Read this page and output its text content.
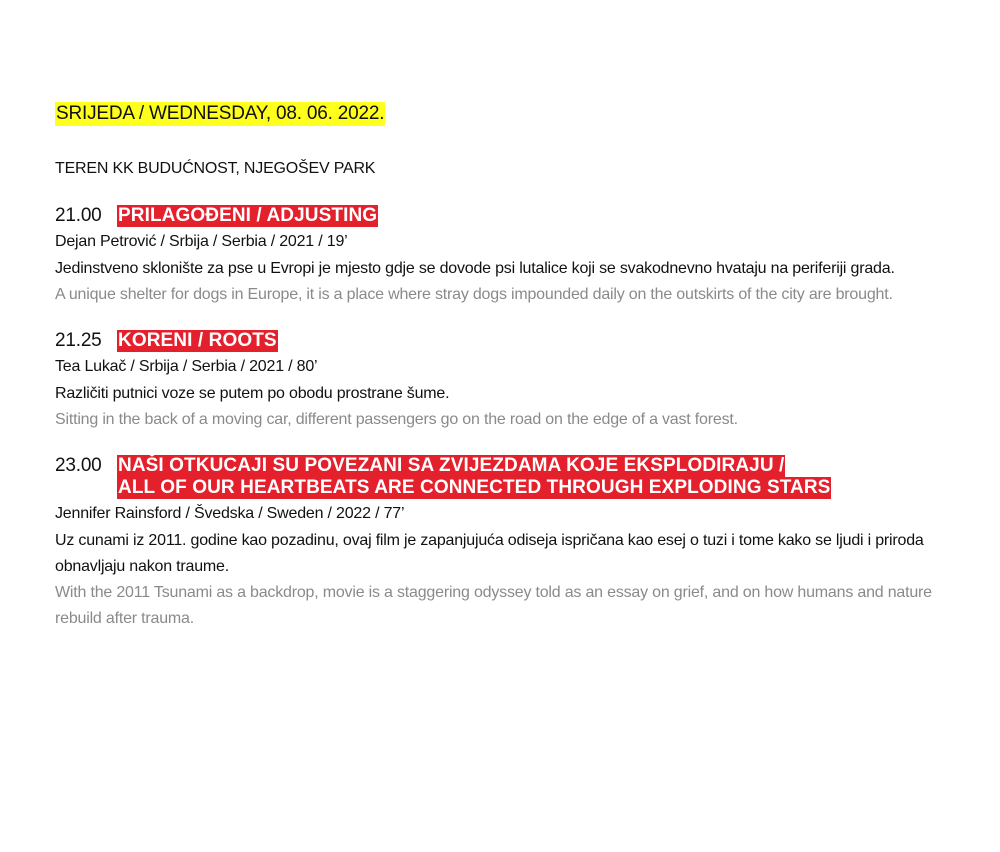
SRIJEDA / WEDNESDAY, 08. 06. 2022.
TEREN KK BUDUĆNOST, NJEGOŠEV PARK
21.00 PRILAGOĐENI / ADJUSTING
Dejan Petrović / Srbija / Serbia / 2021 / 19’
Jedinstveno sklonište za pse u Evropi je mjesto gdje se dovode psi lutalice koji se svakodnevno hvataju na periferiji grada.
A unique shelter for dogs in Europe, it is a place where stray dogs impounded daily on the outskirts of the city are brought.
21.25 KORENI / ROOTS
Tea Lukač / Srbija / Serbia / 2021 / 80’
Različiti putnici voze se putem po obodu prostrane šume.
Sitting in the back of a moving car, different passengers go on the road on the edge of a vast forest.
23.00 NAŠI OTKUCAJI SU POVEZANI SA ZVIJEZDAMA KOJE EKSPLODIRAJU /
ALL OF OUR HEARTBEATS ARE CONNECTED THROUGH EXPLODING STARS
Jennifer Rainsford / Švedska / Sweden / 2022 / 77’
Uz cunami iz 2011. godine kao pozadinu, ovaj film je zapanjujuća odiseja ispričana kao esej o tuzi i tome kako se ljudi i priroda obnavljaju nakon traume.
With the 2011 Tsunami as a backdrop, movie is a staggering odyssey told as an essay on grief, and on how humans and nature rebuild after trauma.
